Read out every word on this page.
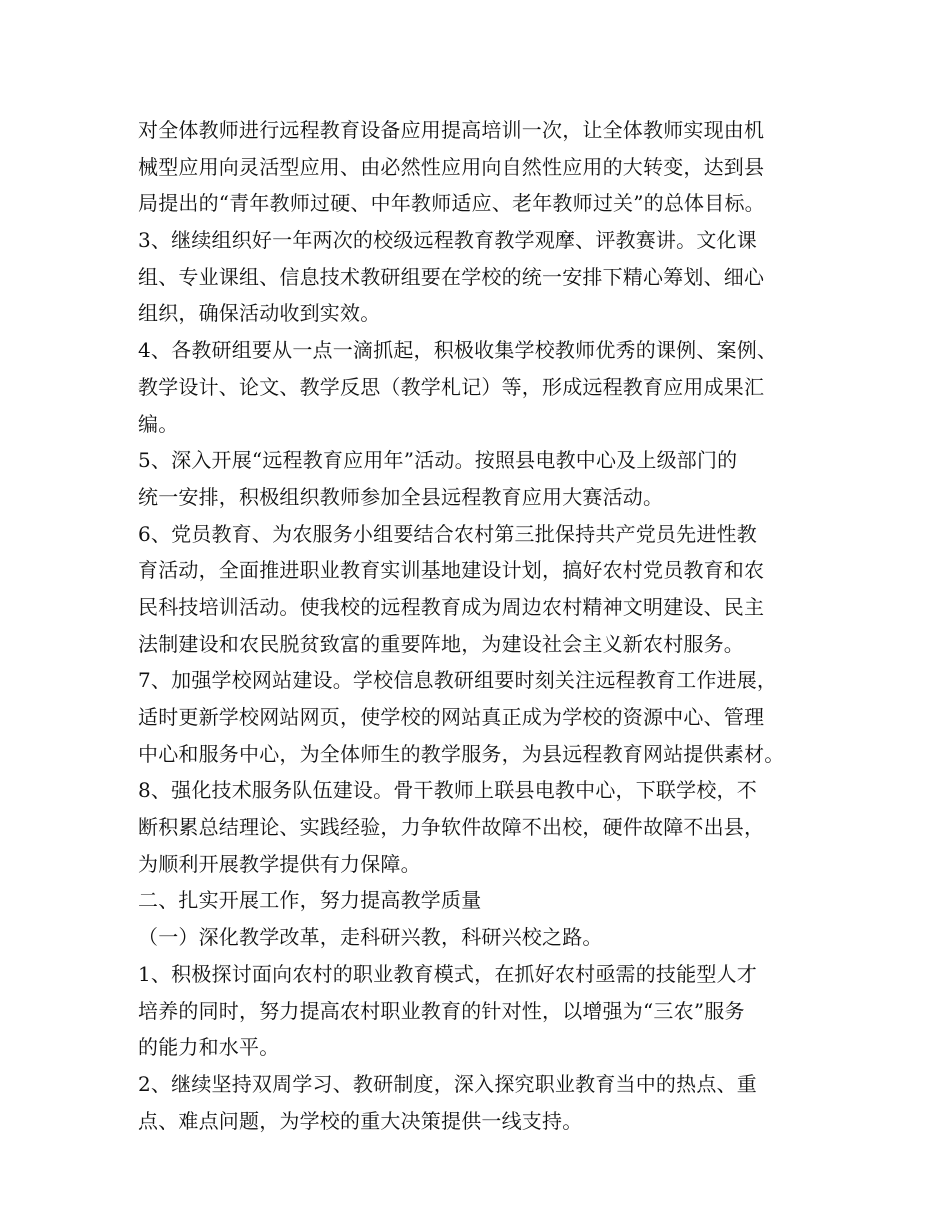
对全体教师进行远程教育设备应用提高培训一次，让全体教师实现由机
械型应用向灵活型应用、由必然性应用向自然性应用的大转变，达到县
局提出的“青年教师过硬、中年教师适应、老年教师过关”的总体目标。
3、继续组织好一年两次的校级远程教育教学观摩、评教赛讲。文化课
组、专业课组、信息技术教研组要在学校的统一安排下精心筹划、细心
组织，确保活动收到实效。
4、各教研组要从一点一滴抓起，积极收集学校教师优秀的课例、案例、
教学设计、论文、教学反思（教学札记）等，形成远程教育应用成果汇
编。
5、深入开展“远程教育应用年”活动。按照县电教中心及上级部门的
统一安排，积极组织教师参加全县远程教育应用大赛活动。
6、党员教育、为农服务小组要结合农村第三批保持共产党员先进性教
育活动，全面推进职业教育实训基地建设计划，搞好农村党员教育和农
民科技培训活动。使我校的远程教育成为周边农村精神文明建设、民主
法制建设和农民脱贫致富的重要阵地，为建设社会主义新农村服务。
7、加强学校网站建设。学校信息教研组要时刻关注远程教育工作进展，
适时更新学校网站网页，使学校的网站真正成为学校的资源中心、管理
中心和服务中心，为全体师生的教学服务，为县远程教育网站提供素材。
8、强化技术服务队伍建设。骨干教师上联县电教中心，下联学校，不
断积累总结理论、实践经验，力争软件故障不出校，硬件故障不出县，
为顺利开展教学提供有力保障。
二、扎实开展工作，努力提高教学质量
（一）深化教学改革，走科研兴教，科研兴校之路。
1、积极探讨面向农村的职业教育模式，在抓好农村亟需的技能型人才
培养的同时，努力提高农村职业教育的针对性，以增强为“三农”服务
的能力和水平。
2、继续坚持双周学习、教研制度，深入探究职业教育当中的热点、重
点、难点问题，为学校的重大决策提供一线支持。
